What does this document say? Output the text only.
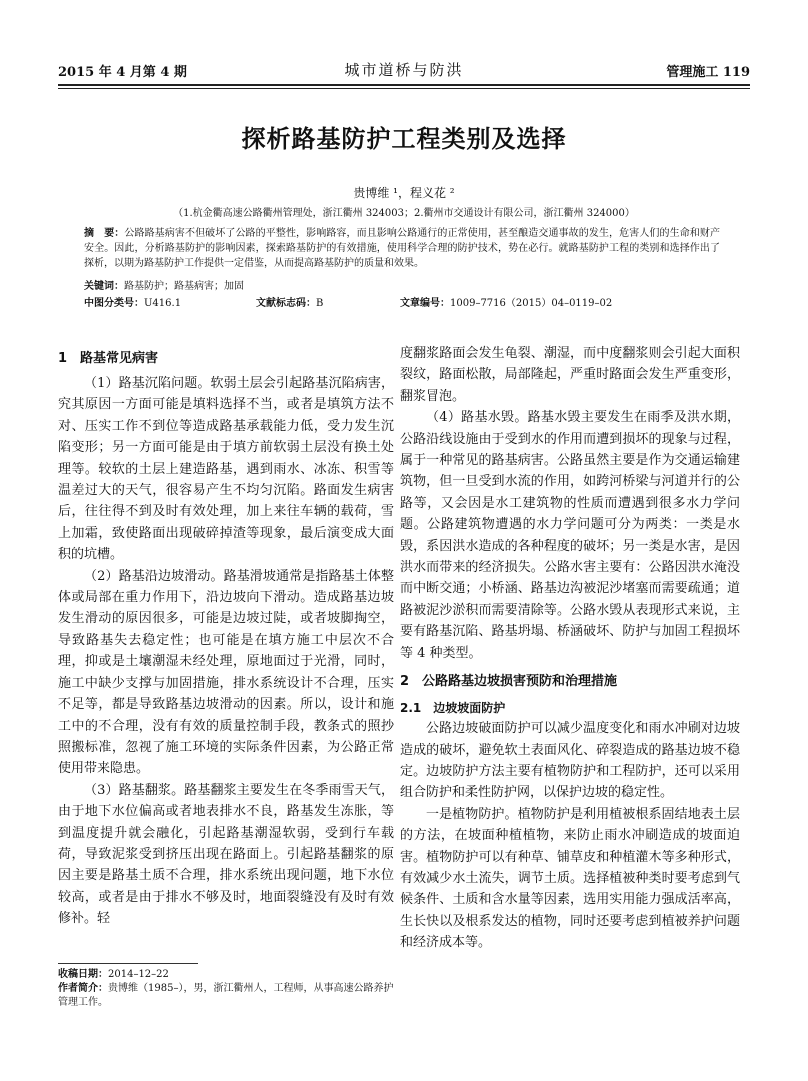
2015 年 4 月第 4 期	城市道桥与防洪	管理施工 119
探析路基防护工程类别及选择
贵博维 ¹，程义花 ²
（1.杭金衢高速公路衢州管理处，浙江衢州 324003；2.衢州市交通设计有限公司，浙江衢州 324000）
摘　要：公路路基病害不但破坏了公路的平整性，影响路容，而且影响公路通行的正常使用，甚至酿造交通事故的发生，危害人们的生命和财产安全。因此，分析路基防护的影响因素，探索路基防护的有效措施，使用科学合理的防护技术，势在必行。就路基防护工程的类别和选择作出了探析，以期为路基防护工作提供一定借鉴，从而提高路基防护的质量和效果。
关键词：路基防护；路基病害；加固
中图分类号：U416.1	文献标志码：B	文章编号：1009–7716（2015）04–0119–02
1　路基常见病害

（1）路基沉陷问题。软弱土层会引起路基沉陷病害，究其原因一方面可能是填料选择不当，或者是填筑方法不对、压实工作不到位等造成路基承载能力低，受力发生沉陷变形；另一方面可能是由于填方前软弱土层没有换土处理等。较软的土层上建造路基，遇到雨水、冰冻、积雪等温差过大的天气，很容易产生不均匀沉陷。路面发生病害后，往往得不到及时有效处理，加上来往车辆的载荷，雪上加霜，致使路面出现破碎掉渣等现象，最后演变成大面积的坑槽。

（2）路基沿边坡滑动。路基滑坡通常是指路基土体整体或局部在重力作用下，沿边坡向下滑动。造成路基边坡发生滑动的原因很多，可能是边坡过陡，或者坡脚掏空，导致路基失去稳定性；也可能是在填方施工中层次不合理，抑或是土壤潮湿未经处理，原地面过于光滑，同时，施工中缺少支撑与加固措施，排水系统设计不合理，压实不足等，都是导致路基边坡滑动的因素。所以，设计和施工中的不合理，没有有效的质量控制手段，教条式的照抄照搬标准，忽视了施工环境的实际条件因素，为公路正常使用带来隐患。

（3）路基翻浆。路基翻浆主要发生在冬季雨雪天气，由于地下水位偏高或者地表排水不良，路基发生冻胀，等到温度提升就会融化，引起路基潮湿软弱，受到行车载荷，导致泥浆受到挤压出现在路面上。引起路基翻浆的原因主要是路基土质不合理，排水系统出现问题，地下水位较高，或者是由于排水不够及时，地面裂缝没有及时有效修补。轻

度翻浆路面会发生龟裂、潮湿，而中度翻浆则会引起大面积裂纹，路面松散，局部隆起，严重时路面会发生严重变形，翻浆冒泡。

（4）路基水毁。路基水毁主要发生在雨季及洪水期，公路沿线设施由于受到水的作用而遭到损坏的现象与过程，属于一种常见的路基病害。公路虽然主要是作为交通运输建筑物，但一旦受到水流的作用，如跨河桥梁与河道并行的公路等，又会因是水工建筑物的性质而遭遇到很多水力学问题。公路建筑物遭遇的水力学问题可分为两类：一类是水毁，系因洪水造成的各种程度的破坏；另一类是水害，是因洪水而带来的经济损失。公路水害主要有：公路因洪水淹没而中断交通；小桥涵、路基边沟被泥沙堵塞而需要疏通；道路被泥沙淤积而需要清除等。公路水毁从表现形式来说，主要有路基沉陷、路基坍塌、桥涵破坏、防护与加固工程损坏等 4 种类型。

2　公路路基边坡损害预防和治理措施
2.1　边坡坡面防护

公路边坡破面防护可以减少温度变化和雨水冲刷对边坡造成的破坏，避免软土表面风化、碎裂造成的路基边坡不稳定。边坡防护方法主要有植物防护和工程防护，还可以采用组合防护和柔性防护网，以保护边坡的稳定性。

一是植物防护。植物防护是利用植被根系固结地表土层的方法，在坡面种植植物，来防止雨水冲刷造成的坡面迫害。植物防护可以有种草、铺草皮和种植灌木等多种形式，有效减少水土流失，调节土质。选择植被种类时要考虑到气候条件、土质和含水量等因素，选用实用能力强成活率高，生长快以及根系发达的植物，同时还要考虑到植被养护问题和经济成本等。

收稿日期：2014–12–22
作者简介：贵博维（1985–），男，浙江衢州人，工程师，从事高速公路养护管理工作。
